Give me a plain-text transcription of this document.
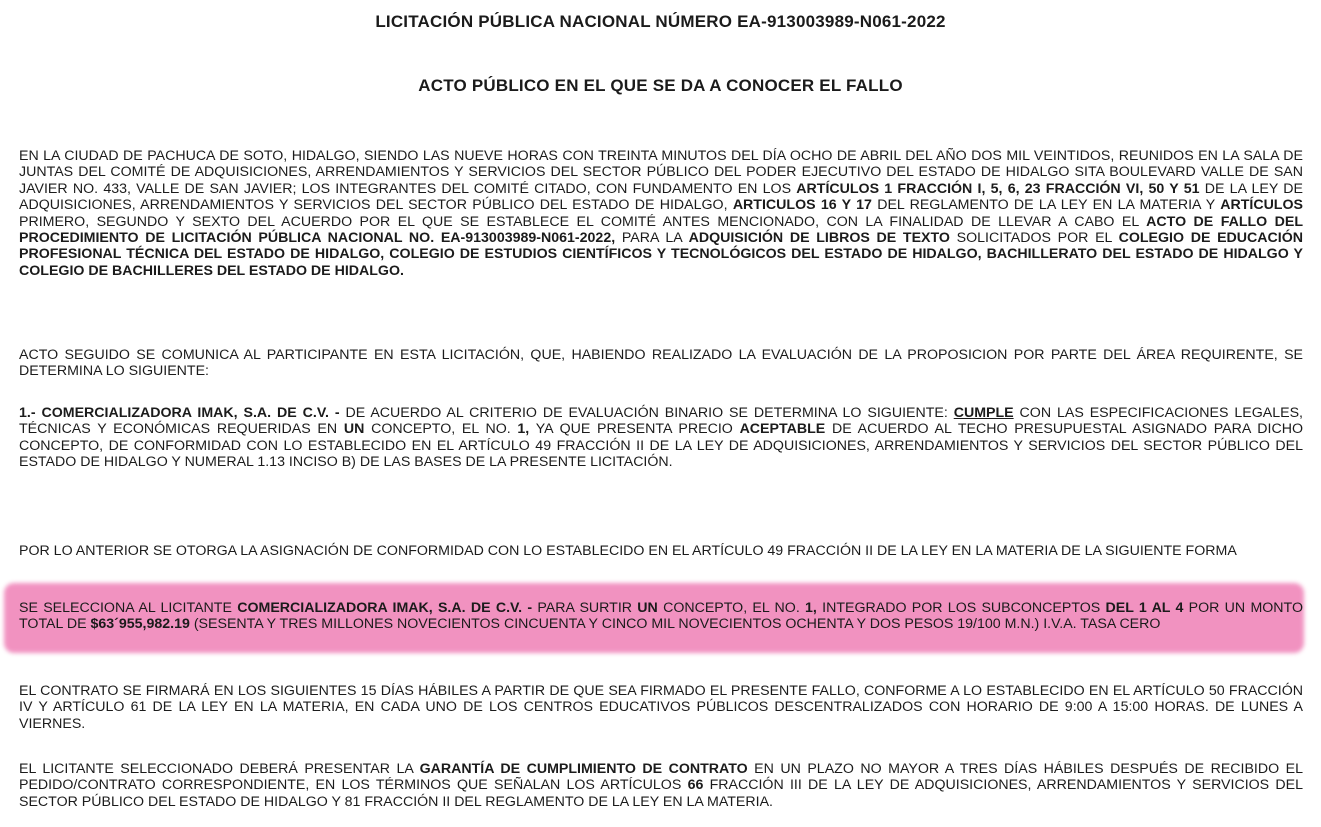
LICITACIÓN PÚBLICA NACIONAL NÚMERO EA-913003989-N061-2022
ACTO PÚBLICO EN EL QUE SE DA A CONOCER EL FALLO
EN LA CIUDAD DE PACHUCA DE SOTO, HIDALGO, SIENDO LAS NUEVE HORAS CON TREINTA MINUTOS DEL DÍA OCHO DE ABRIL DEL AÑO DOS MIL VEINTIDOS, REUNIDOS EN LA SALA DE JUNTAS DEL COMITÉ DE ADQUISICIONES, ARRENDAMIENTOS Y SERVICIOS DEL SECTOR PÚBLICO DEL PODER EJECUTIVO DEL ESTADO DE HIDALGO SITA BOULEVARD VALLE DE SAN JAVIER NO. 433, VALLE DE SAN JAVIER; LOS INTEGRANTES DEL COMITÉ CITADO, CON FUNDAMENTO EN LOS ARTÍCULOS 1 FRACCIÓN I, 5, 6, 23 FRACCIÓN VI, 50 Y 51 DE LA LEY DE ADQUISICIONES, ARRENDAMIENTOS Y SERVICIOS DEL SECTOR PÚBLICO DEL ESTADO DE HIDALGO, ARTICULOS 16 Y 17 DEL REGLAMENTO DE LA LEY EN LA MATERIA Y ARTÍCULOS PRIMERO, SEGUNDO Y SEXTO DEL ACUERDO POR EL QUE SE ESTABLECE EL COMITÉ ANTES MENCIONADO, CON LA FINALIDAD DE LLEVAR A CABO EL ACTO DE FALLO DEL PROCEDIMIENTO DE LICITACIÓN PÚBLICA NACIONAL NO. EA-913003989-N061-2022, PARA LA ADQUISICIÓN DE LIBROS DE TEXTO SOLICITADOS POR EL COLEGIO DE EDUCACIÓN PROFESIONAL TÉCNICA DEL ESTADO DE HIDALGO, COLEGIO DE ESTUDIOS CIENTÍFICOS Y TECNOLÓGICOS DEL ESTADO DE HIDALGO, BACHILLERATO DEL ESTADO DE HIDALGO Y COLEGIO DE BACHILLERES DEL ESTADO DE HIDALGO.
ACTO SEGUIDO SE COMUNICA AL PARTICIPANTE EN ESTA LICITACIÓN, QUE, HABIENDO REALIZADO LA EVALUACIÓN DE LA PROPOSICION POR PARTE DEL ÁREA REQUIRENTE, SE DETERMINA LO SIGUIENTE:
1.- COMERCIALIZADORA IMAK, S.A. DE C.V. - DE ACUERDO AL CRITERIO DE EVALUACIÓN BINARIO SE DETERMINA LO SIGUIENTE: CUMPLE CON LAS ESPECIFICACIONES LEGALES, TÉCNICAS Y ECONÓMICAS REQUERIDAS EN UN CONCEPTO, EL NO. 1, YA QUE PRESENTA PRECIO ACEPTABLE DE ACUERDO AL TECHO PRESUPUESTAL ASIGNADO PARA DICHO CONCEPTO, DE CONFORMIDAD CON LO ESTABLECIDO EN EL ARTÍCULO 49 FRACCIÓN II DE LA LEY DE ADQUISICIONES, ARRENDAMIENTOS Y SERVICIOS DEL SECTOR PÚBLICO DEL ESTADO DE HIDALGO Y NUMERAL 1.13 INCISO B) DE LAS BASES DE LA PRESENTE LICITACIÓN.
POR LO ANTERIOR SE OTORGA LA ASIGNACIÓN DE CONFORMIDAD CON LO ESTABLECIDO EN EL ARTÍCULO 49 FRACCIÓN II DE LA LEY EN LA MATERIA DE LA SIGUIENTE FORMA
SE SELECCIONA AL LICITANTE COMERCIALIZADORA IMAK, S.A. DE C.V. - PARA SURTIR UN CONCEPTO, EL NO. 1, INTEGRADO POR LOS SUBCONCEPTOS DEL 1 AL 4 POR UN MONTO TOTAL DE $63´955,982.19 (SESENTA Y TRES MILLONES NOVECIENTOS CINCUENTA Y CINCO MIL NOVECIENTOS OCHENTA Y DOS PESOS 19/100 M.N.) I.V.A. TASA CERO
EL CONTRATO SE FIRMARÁ EN LOS SIGUIENTES 15 DÍAS HÁBILES A PARTIR DE QUE SEA FIRMADO EL PRESENTE FALLO, CONFORME A LO ESTABLECIDO EN EL ARTÍCULO 50 FRACCIÓN IV Y ARTÍCULO 61 DE LA LEY EN LA MATERIA, EN CADA UNO DE LOS CENTROS EDUCATIVOS PÚBLICOS DESCENTRALIZADOS CON HORARIO DE 9:00 A 15:00 HORAS. DE LUNES A VIERNES.
EL LICITANTE SELECCIONADO DEBERÁ PRESENTAR LA GARANTÍA DE CUMPLIMIENTO DE CONTRATO EN UN PLAZO NO MAYOR A TRES DÍAS HÁBILES DESPUÉS DE RECIBIDO EL PEDIDO/CONTRATO CORRESPONDIENTE, EN LOS TÉRMINOS QUE SEÑALAN LOS ARTÍCULOS 66 FRACCIÓN III DE LA LEY DE ADQUISICIONES, ARRENDAMIENTOS Y SERVICIOS DEL SECTOR PÚBLICO DEL ESTADO DE HIDALGO Y 81 FRACCIÓN II DEL REGLAMENTO DE LA LEY EN LA MATERIA.
